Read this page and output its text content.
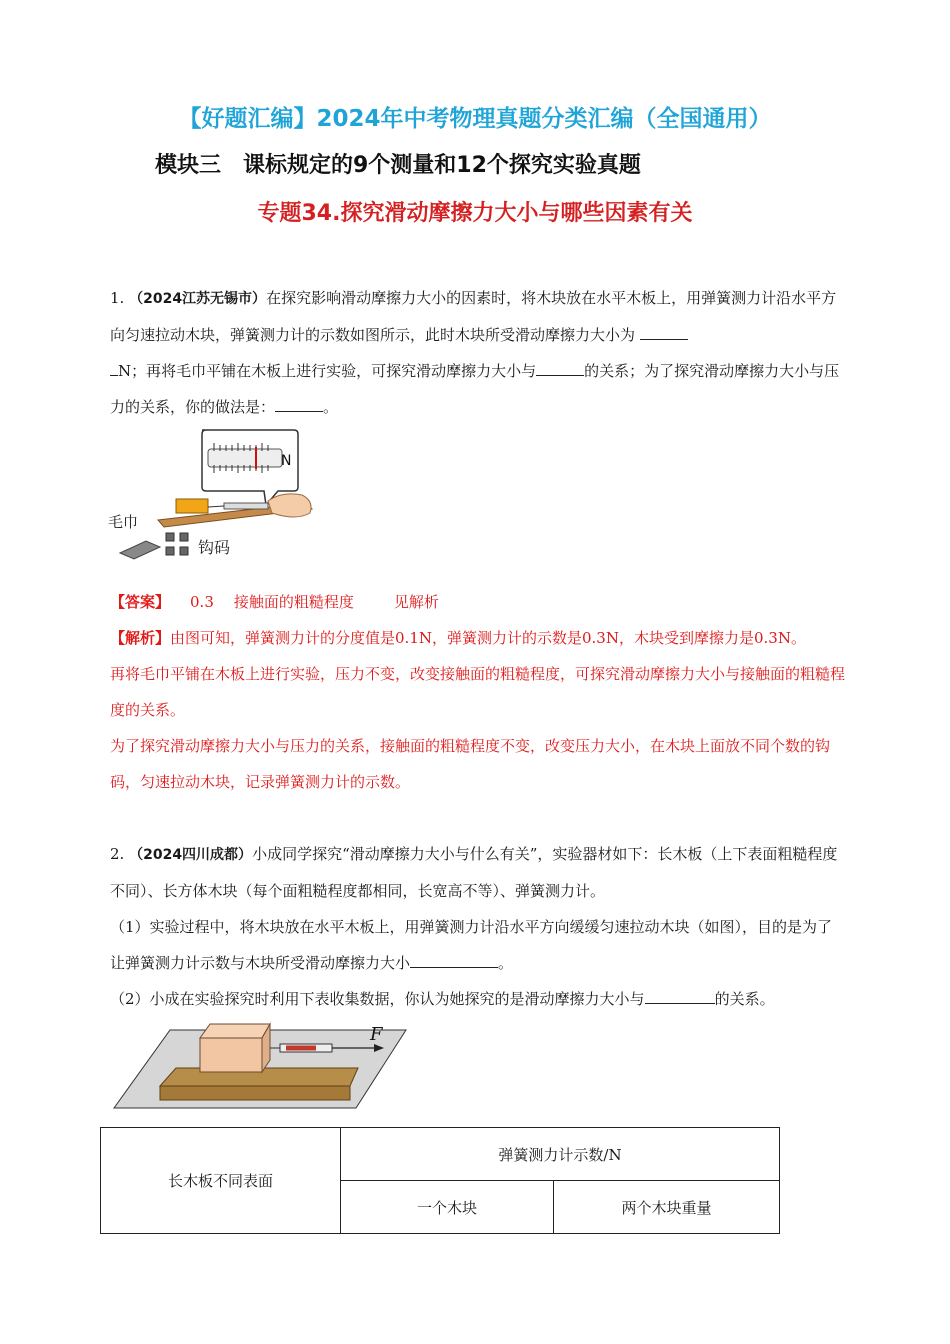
【好题汇编】2024年中考物理真题分类汇编（全国通用）
模块三　课标规定的9个测量和12个探究实验真题
专题34.探究滑动摩擦力大小与哪些因素有关
1. （2024江苏无锡市）在探究影响滑动摩擦力大小的因素时，将木块放在水平木板上，用弹簧测力计沿水平方向匀速拉动木块，弹簧测力计的示数如图所示，此时木块所受滑动摩擦力大小为
N；再将毛巾平铺在木板上进行实验，可探究滑动摩擦力大小与	的关系；为了探究滑动摩擦力大小与压力的关系，你的做法是：	。
N
毛巾
钩码
【答案】 0.3 接触面的粗糙程度	见解析
【解析】由图可知，弹簧测力计的分度值是0.1N，弹簧测力计的示数是0.3N，木块受到摩擦力是0.3N。
再将毛巾平铺在木板上进行实验，压力不变，改变接触面的粗糙程度，可探究滑动摩擦力大小与接触面的粗糙程度的关系。
为了探究滑动摩擦力大小与压力的关系，接触面的粗糙程度不变，改变压力大小，在木块上面放不同个数的钩码，匀速拉动木块，记录弹簧测力计的示数。
2. （2024四川成都）小成同学探究“滑动摩擦力大小与什么有关”，实验器材如下：长木板（上下表面粗糙程度不同）、长方体木块（每个面粗糙程度都相同，长宽高不等）、弹簧测力计。
（1）实验过程中，将木块放在水平木板上，用弹簧测力计沿水平方向缓缓匀速拉动木块（如图），目的是为了让弹簧测力计示数与木块所受滑动摩擦力大小	。
（2）小成在实验探究时利用下表收集数据，你认为她探究的是滑动摩擦力大小与	的关系。
F
长木板不同表面	弹簧测力计示数/N	
	一个木块	两个木块重量
